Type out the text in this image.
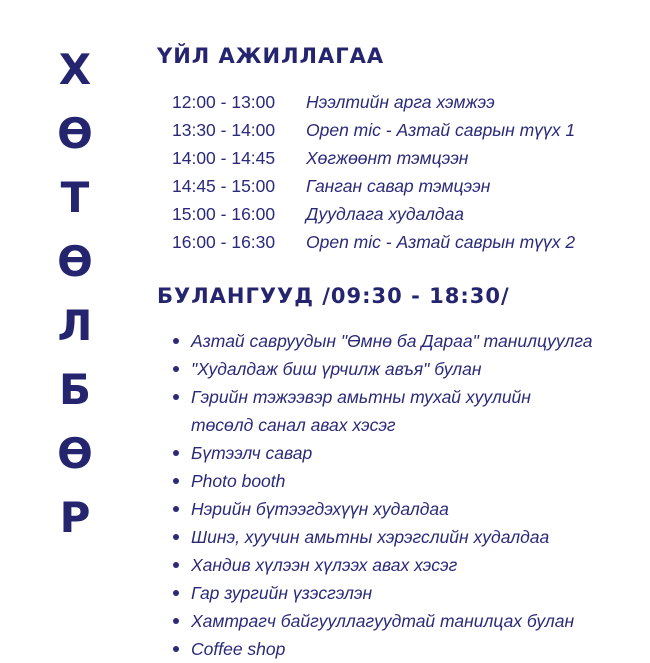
Х
Ө
Т
Ө
Л
Б
Ө
Р
ҮЙЛ АЖИЛЛАГАА
12:00 - 13:00	Нээлтийн арга хэмжээ
13:30 - 14:00	Open mic - Азтай саврын түүх 1
14:00 - 14:45	Хөгжөөнт тэмцээн
14:45 - 15:00	Ганган савар тэмцээн
15:00 - 16:00	Дуудлага худалдаа
16:00 - 16:30	Open mic - Азтай саврын түүх 2
БУЛАНГУУД /09:30 - 18:30/
Азтай савруудын "Өмнө ба Дараа" танилцуулга
"Худалдаж биш үрчилж авъя" булан
Гэрийн тэжээвэр амьтны тухай хуулийн
төсөлд санал авах хэсэг
Бүтээлч савар
Photo booth
Нэрийн бүтээгдэхүүн худалдаа
Шинэ, хуучин амьтны хэрэгслийн худалдаа
Хандив хүлээн хүлээх авах хэсэг
Гар зургийн үзэсгэлэн
Хамтрагч байгууллагуудтай танилцах булан
Coffee shop
